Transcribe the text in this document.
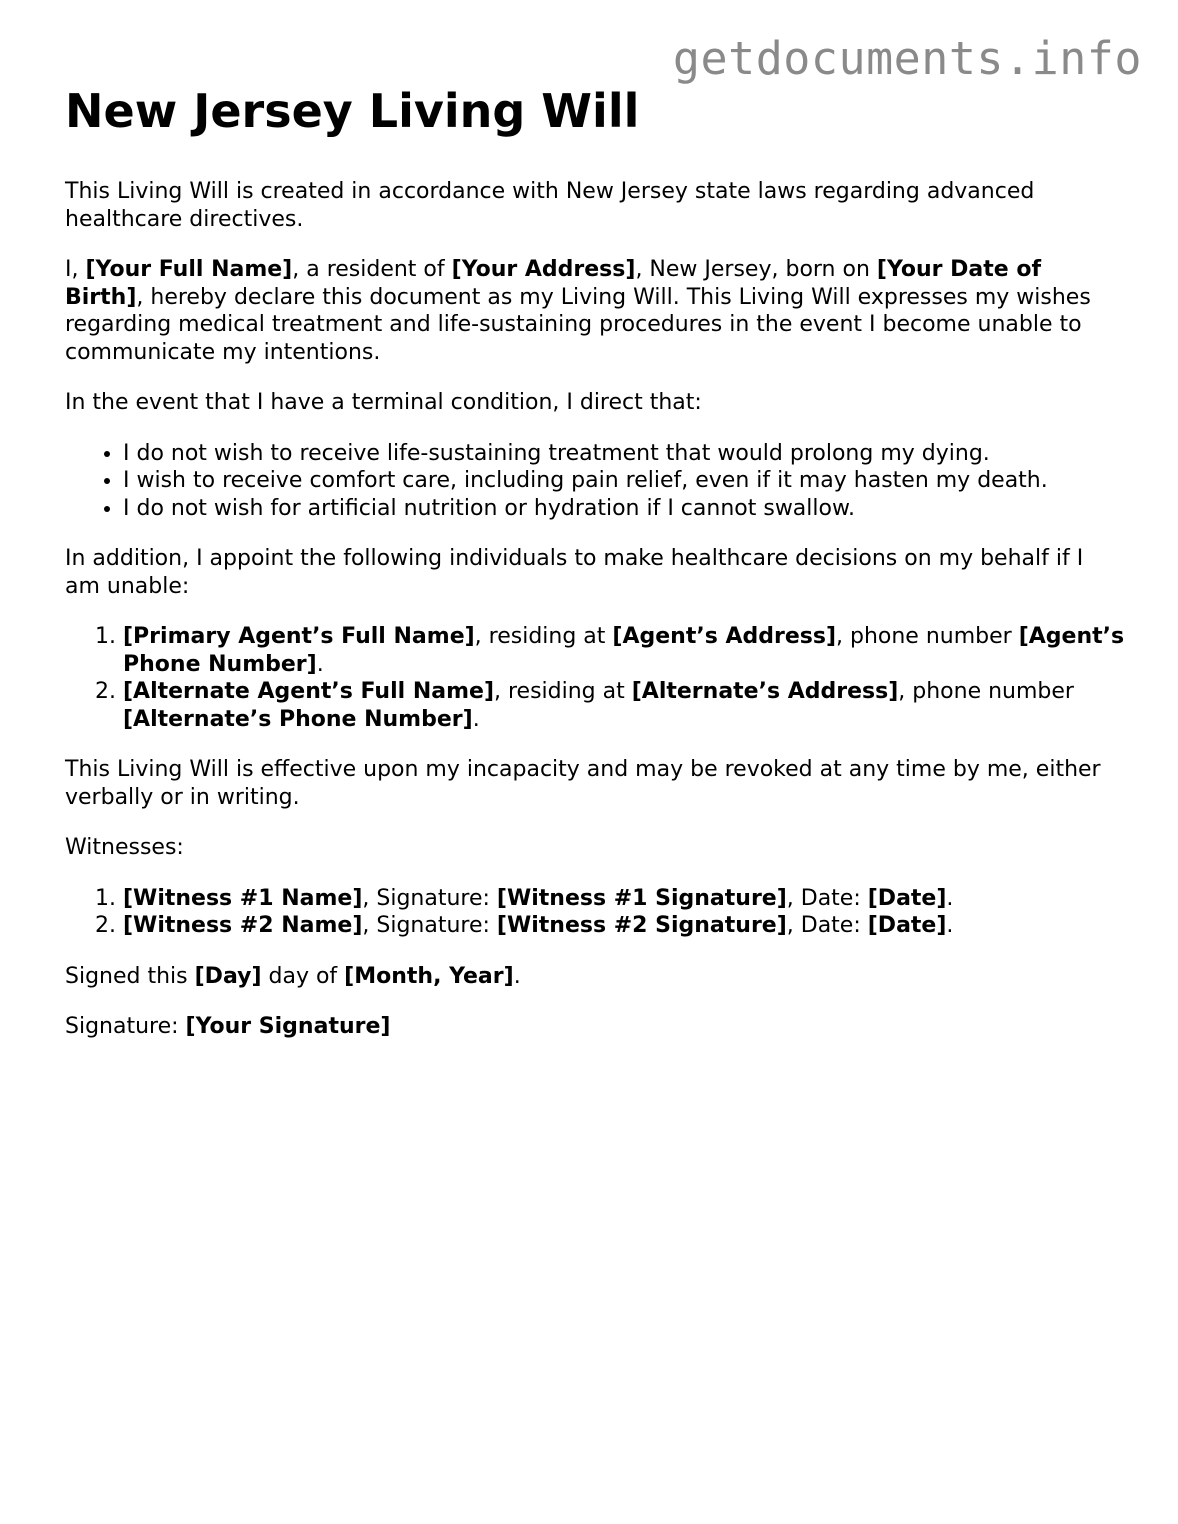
getdocuments.info
New Jersey Living Will

This Living Will is created in accordance with New Jersey state laws regarding advanced healthcare directives.

I, [Your Full Name], a resident of [Your Address], New Jersey, born on [Your Date of Birth], hereby declare this document as my Living Will. This Living Will expresses my wishes regarding medical treatment and life-sustaining procedures in the event I become unable to communicate my intentions.

In the event that I have a terminal condition, I direct that:

• I do not wish to receive life-sustaining treatment that would prolong my dying.
• I wish to receive comfort care, including pain relief, even if it may hasten my death.
• I do not wish for artificial nutrition or hydration if I cannot swallow.

In addition, I appoint the following individuals to make healthcare decisions on my behalf if I am unable:

1. [Primary Agent’s Full Name], residing at [Agent’s Address], phone number [Agent’s Phone Number].
2. [Alternate Agent’s Full Name], residing at [Alternate’s Address], phone number [Alternate’s Phone Number].

This Living Will is effective upon my incapacity and may be revoked at any time by me, either verbally or in writing.

Witnesses:

1. [Witness #1 Name], Signature: [Witness #1 Signature], Date: [Date].
2. [Witness #2 Name], Signature: [Witness #2 Signature], Date: [Date].

Signed this [Day] day of [Month, Year].

Signature: [Your Signature]
